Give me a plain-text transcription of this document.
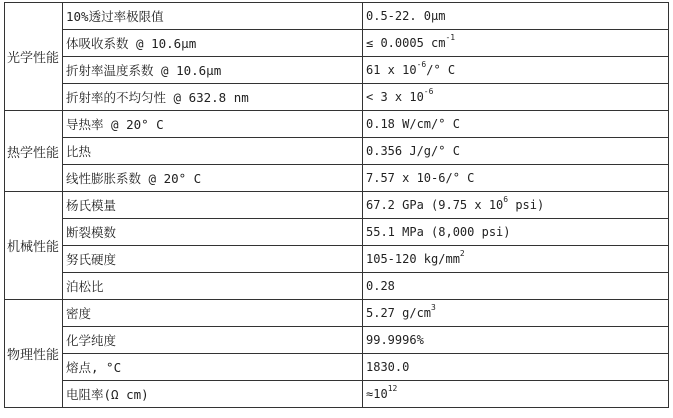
光学性能	10%透过率极限值	0.5-22. 0μm
	体吸收系数 @ 10.6μm	≤ 0.0005 $cm^{-1}$
	折射率温度系数 @ 10.6μm	61 x $10^{-6}/^\circ$ C
	折射率的不均匀性 @ 632.8 nm	< 3 x $10^{-6}$
热学性能	导热率 @ 20° C	0.18 W/cm/° C
	比热	0.356 J/g/° C
	线性膨胀系数 @ 20° C	7.57 x 10-6/° C
机械性能	杨氏模量	67.2 GPa (9.75 x $10^6$ psi)
	断裂模数	55.1 MPa (8,000 psi)
	努氏硬度	105-120 $kg/mm^2$
	泊松比	0.28
物理性能	密度	5.27 $g/cm^3$
	化学纯度	99.9996%
	熔点, °C	1830.0
	电阻率(Ω cm)	$\approx 10^{12}$
